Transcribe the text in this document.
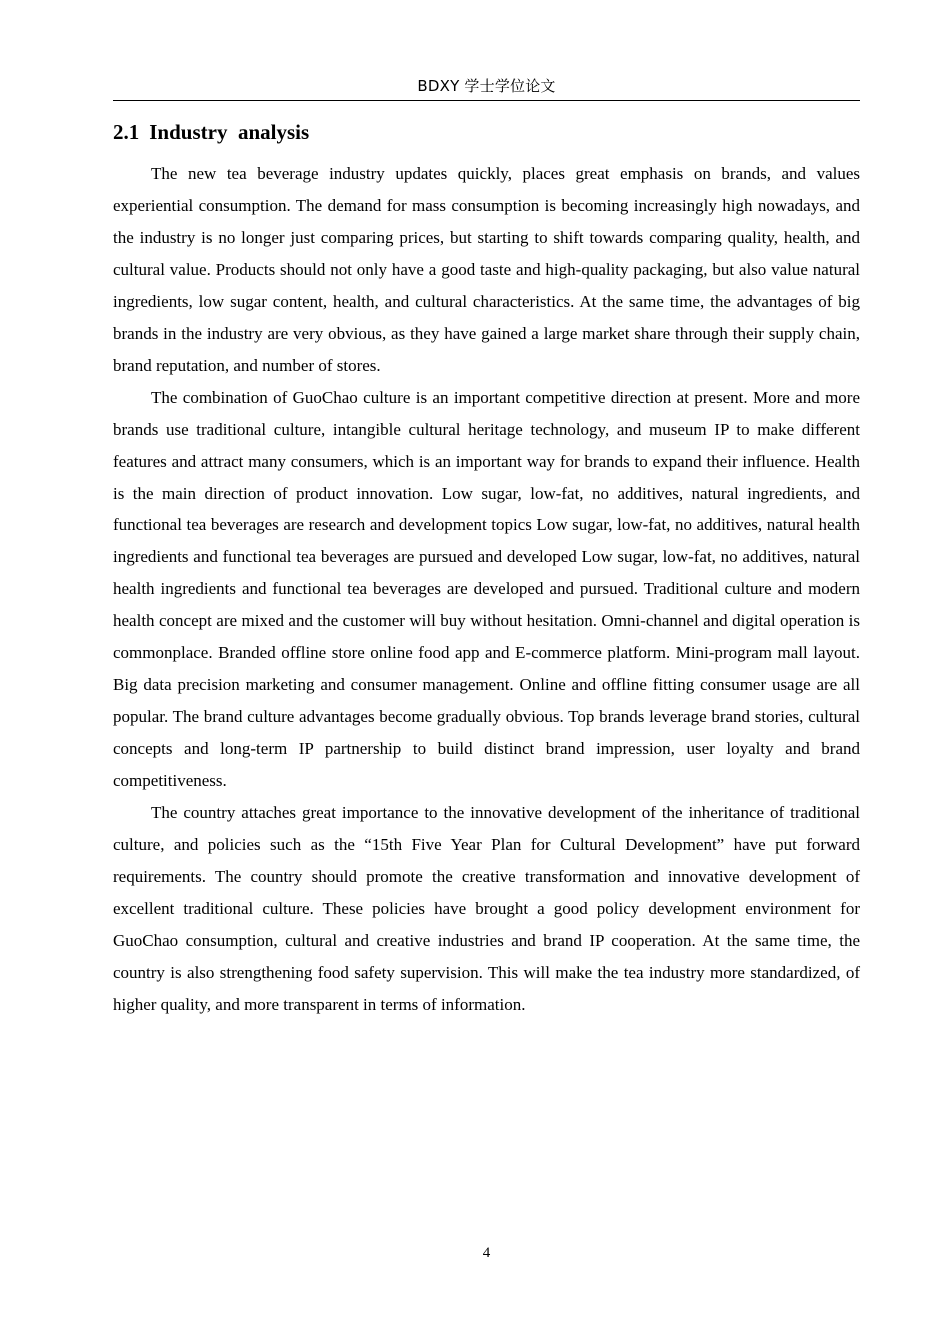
BDXY 学士学位论文
2.1 Industry  analysis

The new tea beverage industry updates quickly, places great emphasis on brands, and values experiential consumption. The demand for mass consumption is becoming increasingly high nowadays, and the industry is no longer just comparing prices, but starting to shift towards comparing quality, health, and cultural value. Products should not only have a good taste and high-quality packaging, but also value natural ingredients, low sugar content, health, and cultural characteristics. At the same time, the advantages of big brands in the industry are very obvious, as they have gained a large market share through their supply chain, brand reputation, and number of stores.

The combination of GuoChao culture is an important competitive direction at present. More and more brands use traditional culture, intangible cultural heritage technology, and museum IP to make different features and attract many consumers, which is an important way for brands to expand their influence. Health is the main direction of product innovation. Low sugar, low-fat, no additives, natural ingredients, and functional tea beverages are research and development topics Low sugar, low-fat, no additives, natural health ingredients and functional tea beverages are pursued and developed Low sugar, low-fat, no additives, natural health ingredients and functional tea beverages are developed and pursued. Traditional culture and modern health concept are mixed and the customer will buy without hesitation. Omni-channel and digital operation is commonplace. Branded offline store online food app and E-commerce platform. Mini-program mall layout. Big data precision marketing and consumer management. Online and offline fitting consumer usage are all popular. The brand culture advantages become gradually obvious. Top brands leverage brand stories, cultural concepts and long-term IP partnership to build distinct brand impression, user loyalty and brand competitiveness.

The country attaches great importance to the innovative development of the inheritance of traditional culture, and policies such as the “15th Five Year Plan for Cultural Development” have put forward requirements. The country should promote the creative transformation and innovative development of excellent traditional culture. These policies have brought a good policy development environment for GuoChao consumption, cultural and creative industries and brand IP cooperation. At the same time, the country is also strengthening food safety supervision. This will make the tea industry more standardized, of higher quality, and more transparent in terms of information.

4
